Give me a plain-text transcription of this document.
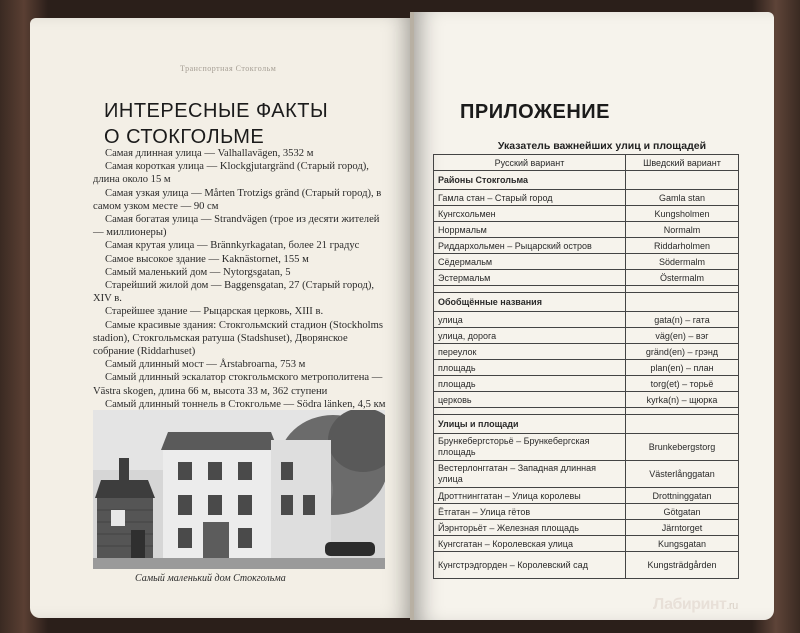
Транспортная Стокгольм
ИНТЕРЕСНЫЕ ФАКТЫ
О СТОКГОЛЬМЕ

Самая длинная улица — Valhallavägen, 3532 м

Самая короткая улица — Klockgjutargränd (Старый город), длина около 15 м

Самая узкая улица — Mårten Trotzigs gränd (Старый город), в самом узком месте — 90 см

Самая богатая улица — Strandvägen (трое из десяти жителей — миллионеры)

Самая крутая улица — Brännkyrkagatan, более 21 градус

Самое высокое здание — Kaknästornet, 155 м

Самый маленький дом — Nytorgsgatan, 5

Старейший жилой дом — Baggensgatan, 27 (Старый город), XIV в.

Старейшее здание — Рыцарская церковь, XIII в.

Самые красивые здания: Стокгольмский стадион (Stockholms stadion), Стокгольмская ратуша (Stadshuset), Дворянское собрание (Riddarhuset)

Самый длинный мост — Årstabroarna, 753 м

Самый длинный эскалатор стокгольмского метрополитена — Västra skogen, длина 66 м, высота 33 м, 362 ступени

Самый длинный тоннель в Стокгольме — Södra länken, 4,5 км

Самый маленький дом Стокгольма
ПРИЛОЖЕНИЕ
Указатель важнейших улиц и площадей
Русский вариант	Шведский вариант
Районы Стокгольма	
Гамла стан – Старый город	Gamla stan
Кунгсхольмен	Kungsholmen
Норрмальм	Normalm
Риддархольмен – Рыцарский остров	Riddarholmen
Сёдермальм	Södermalm
Эстермальм	Östermalm

Обобщённые названия	
улица	gata(n) – гата
улица, дорога	väg(en) – вэг
переулок	gränd(en) – грэнд
площадь	plan(en) – план
площадь	torg(et) – торьё
церковь	kyrka(n) – щюрка

Улицы и площади	
Брункебергсторьё – Брункебергская площадь	Brunkebergstorg
Вестерлонггатан – Западная длинная улица	Västerlånggatan
Дроттнинггатан – Улица королевы	Drottninggatan
Ётгатан – Улица гётов	Götgatan
Йэрнторьёт – Железная площадь	Järntorget
Кунгсгатан – Королевская улица	Kungsgatan
Кунгстрэдгорден – Королевский сад	Kungsträdgården
Лабиринт.ru
